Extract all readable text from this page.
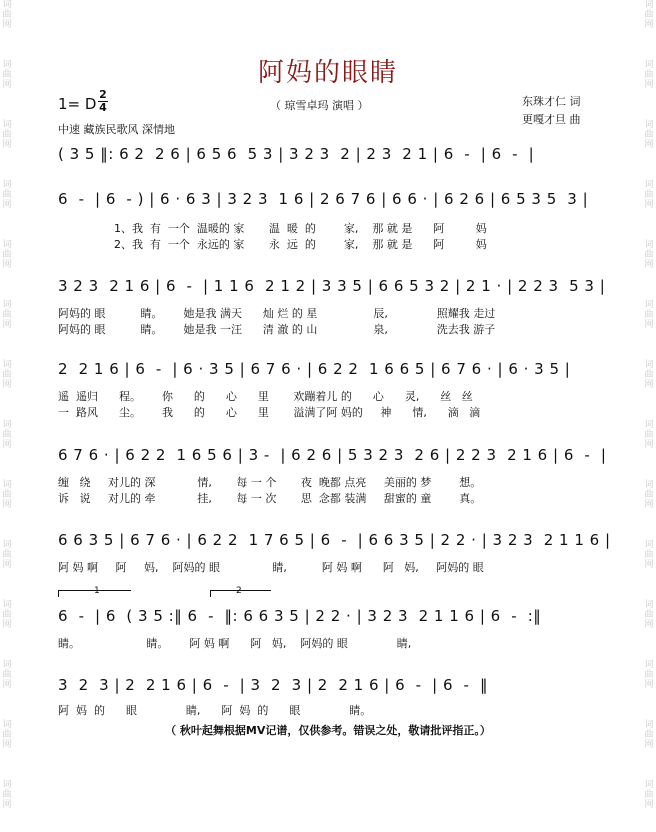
词
曲
网
词
曲
网
词
曲
网
词
曲
网
词
曲
网
词
曲
网
词
曲
网
词
曲
网
词
曲
网
词
曲
网
词
曲
网
词
曲
网
词
曲
网
词
曲
网
词
曲
网
词
曲
网
词
曲
网
词
曲
网
词
曲
网
词
曲
网
词
曲
网
词
曲
网
词
曲
网
词
曲
网
词
曲
网
词
曲
网
词
曲
网
词
曲
网
阿妈的眼睛
1= D
2
4	（ 琼雪卓玛 演唱 ）	东珠才仁 词
更嘎才旦 曲
中速 藏族民歌风 深情地
( 3 5 ‖: 6 2  2 6 | 6 5 6  5 3 | 3 2 3  2 | 2 3  2 1 | 6  -  | 6  -  |
6  -  | 6  - ) | 6 · 6 3 | 3 2 3  1 6 | 2 6 7 6 | 6 6 · | 6 2 6 | 6 5 3 5  3 |
1、我  有  一个  温暖的 家       温  暖  的        家,    那 就 是      阿         妈
2、我  有  一个  永远的 家       永  远  的        家,    那 就 是      阿         妈
3 2 3  2 1 6 | 6  -  | 1 1 6  2 1 2 | 3 3 5 | 6 6 5 3 2 | 2 1 · | 2 2 3  5 3 |
阿妈的 眼          睛。      她是我 满天      灿 烂 的 星                辰,              照耀我 走过
阿妈的 眼          睛。      她是我 一汪      清 澈 的 山                泉,              洗去我 游子
2  2 1 6 | 6  -  | 6 · 3 5 | 6 7 6 · | 6 2 2  1 6 6 5 | 6 7 6 · | 6 · 3 5 |
遥  遥归      程。      你      的      心      里       欢蹦着儿 的      心      灵,      丝   丝
一  路风      尘。      我      的      心      里       溢满了阿 妈的     神      情,      滴   滴
6 7 6 · | 6 2 2  1 6 5 6 | 3 -  | 6 2 6 | 5 3 2 3  2 6 | 2 2 3  2 1 6 | 6  -  |
缠   绕     对儿的 深            情,       每 一 个       夜  晚都 点亮     美丽的 梦        想。
诉   说     对儿的 牵            挂,       每 一 次       思  念都 装满     甜蜜的 童        真。
6 6 3 5 | 6 7 6 · | 6 2 2  1 7 6 5 | 6  -  | 6 6 3 5 | 2 2 · | 3 2 3  2 1 1 6 |
阿 妈 啊     阿     妈,    阿妈的 眼               睛,          阿 妈 啊      阿   妈,     阿妈的 眼
1	2
6  -  | 6  ( 3 5 :‖ 6  -  ‖: 6 6 3 5 | 2 2 · | 3 2 3  2 1 1 6 | 6  -  :‖
睛。                   睛。      阿 妈 啊      阿   妈,    阿妈的 眼              睛,
3  2  3 | 2  2 1 6 | 6  -  | 3  2  3 | 2  2 1 6 | 6  -  | 6  -  ‖
阿  妈  的      眼              睛,      阿  妈  的      眼              睛。
（ 秋叶起舞根据MV记谱，仅供参考。错误之处，敬请批评指正。）
